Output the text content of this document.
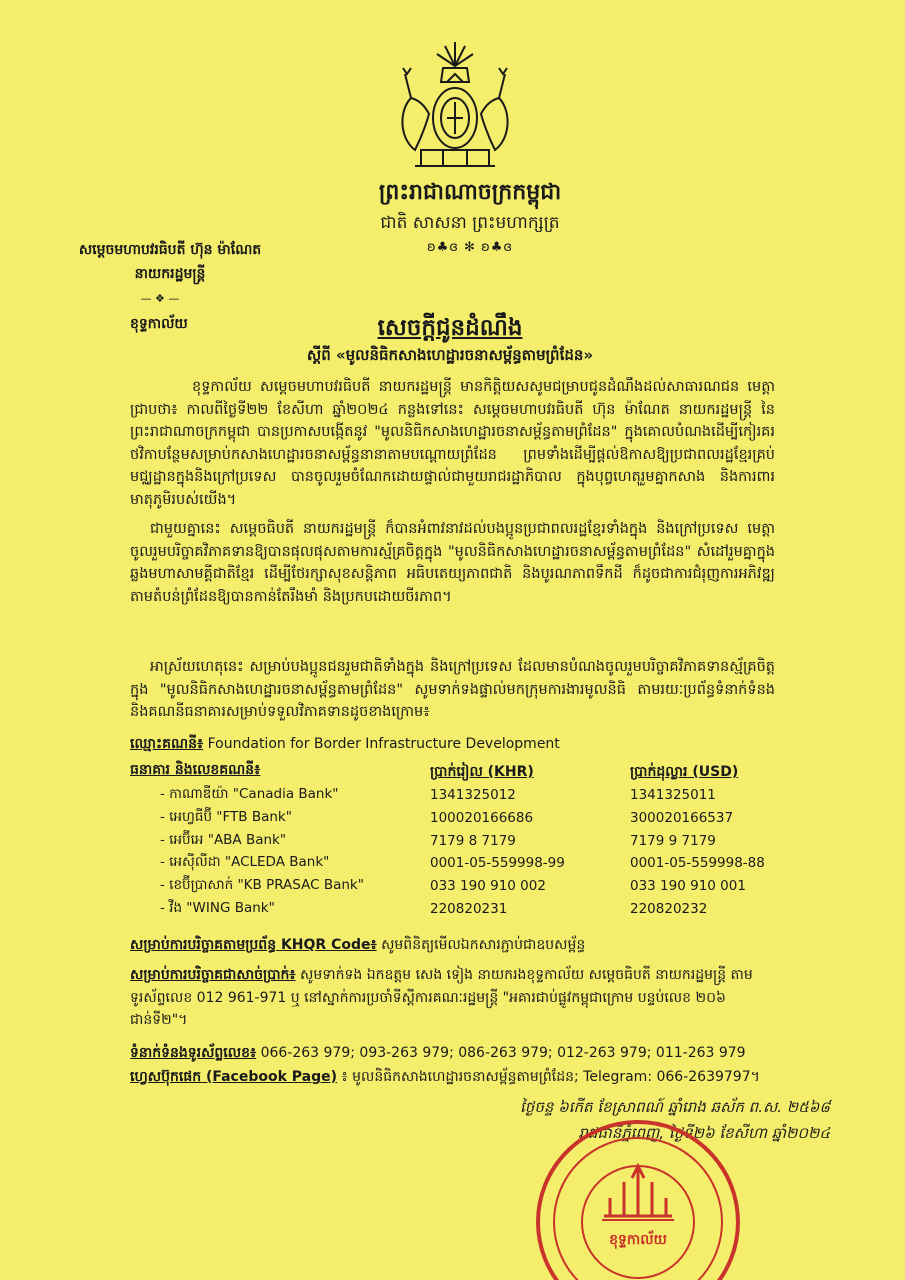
ព្រះរាជាណាចក្រកម្ពុជា
ជាតិ សាសនា ព្រះមហាក្សត្រ
ʚ♣ɞ ✻ ʚ♣ɞ
សម្តេចមហាបវរធិបតី ហ៊ុន ម៉ាណែត
នាយករដ្ឋមន្ត្រី
— ❖ —
ខុទ្ទកាល័យ	សេចក្តីជូនដំណឹង
ស្តីពី «មូលនិធិកសាងហេដ្ឋារចនាសម្ព័ន្ធតាមព្រំដែន»
ខុទ្ទកាល័យ សម្តេចមហាបវរធិបតី នាយករដ្ឋមន្ត្រី មានកិត្តិយសសូមជម្រាបជូនដំណឹងដល់សាធារណជន មេត្តាជ្រាបថា៖ កាលពីថ្ងៃទី២២ ខែសីហា ឆ្នាំ២០២៤ កន្លងទៅនេះ សម្តេចមហាបវរធិបតី ហ៊ុន ម៉ាណែត នាយករដ្ឋមន្ត្រី នៃព្រះរាជាណាចក្រកម្ពុជា បានប្រកាសបង្កើតនូវ "មូលនិធិកសាងហេដ្ឋារចនាសម្ព័ន្ធតាមព្រំដែន" ក្នុងគោលបំណងដើម្បីកៀរគរថវិកាបន្ថែមសម្រាប់កសាងហេដ្ឋារចនាសម្ព័ន្ធនានាតាមបណ្តោយព្រំដែន ព្រមទាំងដើម្បីផ្តល់ឱកាសឱ្យប្រជាពលរដ្ឋខ្មែរគ្រប់មជ្ឈដ្ឋានក្នុងនិងក្រៅប្រទេស បានចូលរួមចំណែកដោយផ្ទាល់ជាមួយរាជរដ្ឋាភិបាល ក្នុងបុព្វហេតុរួមគ្នាកសាង និងការពារមាតុភូមិរបស់យើង។
ជាមួយគ្នានេះ សម្តេចធិបតី នាយករដ្ឋមន្ត្រី ក៏បានអំពាវនាវដល់បងប្អូនប្រជាពលរដ្ឋខ្មែរទាំងក្នុង និងក្រៅប្រទេស មេត្តាចូលរួមបរិច្ចាគវិភាគទានឱ្យបានផុលផុសតាមការស្ម័គ្រចិត្តក្នុង "មូលនិធិកសាងហេដ្ឋារចនាសម្ព័ន្ធតាមព្រំដែន" សំដៅរួមគ្នាក្នុងឆ្លងមហាសាមគ្គីជាតិខ្មែរ ដើម្បីថែរក្សាសុខសន្តិភាព អធិបតេយ្យភាពជាតិ និងបូរណភាពទឹកដី ក៏ដូចជាការជំរុញការអភិវឌ្ឍតាមតំបន់ព្រំដែនឱ្យបានកាន់តែរឹងមាំ និងប្រកបដោយចីរភាព។
អាស្រ័យហេតុនេះ សម្រាប់បងប្អូនជនរួមជាតិទាំងក្នុង និងក្រៅប្រទេស ដែលមានបំណងចូលរួមបរិច្ចាគវិភាគទានស្ម័គ្រចិត្តក្នុង "មូលនិធិកសាងហេដ្ឋារចនាសម្ព័ន្ធតាមព្រំដែន" សូមទាក់ទងផ្ទាល់មកក្រុមការងារមូលនិធិ តាមរយៈប្រព័ន្ធទំនាក់ទំនង និងគណនីធនាគារសម្រាប់ទទួលវិភាគទានដូចខាងក្រោម៖
ឈ្មោះគណនី៖ Foundation for Border Infrastructure Development
ធនាគារ និងលេខគណនី៖	ប្រាក់រៀល (KHR)	ប្រាក់ដុល្លារ (USD)
- កាណាឌីយ៉ា "Canadia Bank"	1341325012	1341325011
- អេហ្វធីប៊ី "FTB Bank"	100020166686	300020166537
- អេប៊ីអេ "ABA Bank"	7179 8 7179	7179 9 7179
- អេស៊ីលីដា "ACLEDA Bank"	0001-05-559998-99	0001-05-559998-88
- ខេប៊ីប្រាសាក់ "KB PRASAC Bank"	033 190 910 002	033 190 910 001
- វីង "WING Bank"	220820231	220820232
សម្រាប់ការបរិច្ចាគតាមប្រព័ន្ធ KHQR Code៖ សូមពិនិត្យមើលឯកសារភ្ជាប់ជាឧបសម្ព័ន្ធ
សម្រាប់ការបរិច្ចាគជាសាច់ប្រាក់៖ សូមទាក់ទង ឯកឧត្តម សេង ទៀង នាយករងខុទ្ទកាល័យ សម្តេចធិបតី នាយករដ្ឋមន្ត្រី តាមទូរស័ព្ទលេខ 012 961-971 ឬ នៅស្នាក់ការប្រចាំទីស្តីការគណៈរដ្ឋមន្ត្រី "អគារជាប់ផ្លូវកម្ពុជាក្រោម បន្ទប់លេខ ២០៦ ជាន់ទី២"។
ទំនាក់ទំនងទូរស័ព្ទលេខ៖ 066-263 979; 093-263 979; 086-263 979; 012-263 979; 011-263 979
ហ្វេសប៊ុកផេក (Facebook Page) ៖ មូលនិធិកសាងហេដ្ឋារចនាសម្ព័ន្ធតាមព្រំដែន; Telegram: 066-2639797។
ថ្ងៃចន្ទ ៦កើត ខែស្រាពណ៍ ឆ្នាំរោង ឆស័ក ព.ស. ២៥៦៨
រាជធានីភ្នំពេញ, ថ្ងៃទី២៦ ខែសីហា ឆ្នាំ២០២៤
ខុទ្ទកាល័យ
